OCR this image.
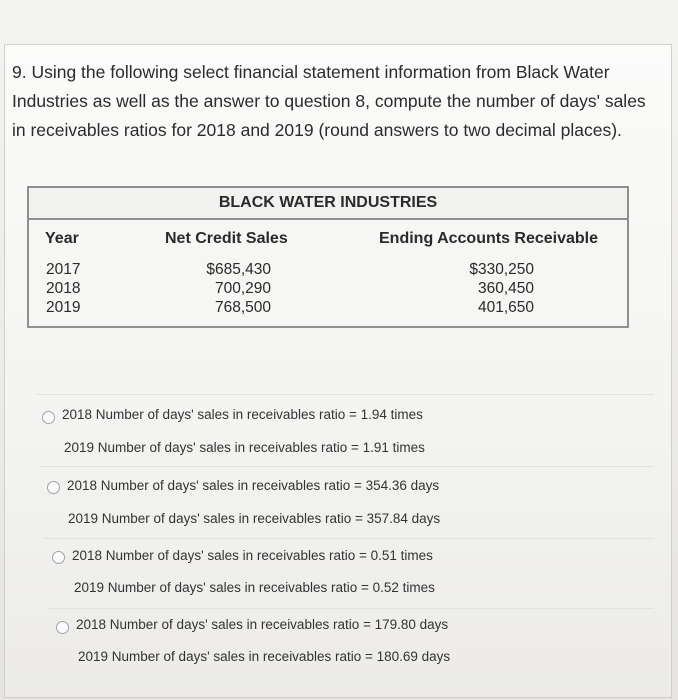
9. Using the following select financial statement information from Black Water Industries as well as the answer to question 8, compute the number of days' sales in receivables ratios for 2018 and 2019 (round answers to two decimal places).
BLACK WATER INDUSTRIES
Year	Net Credit Sales	Ending Accounts Receivable
2017
2018
2019
$685,430
700,290
768,500
$330,250
360,450
401,650
2018 Number of days' sales in receivables ratio = 1.94 times
2019 Number of days' sales in receivables ratio = 1.91 times
2018 Number of days' sales in receivables ratio = 354.36 days
2019 Number of days' sales in receivables ratio = 357.84 days
2018 Number of days' sales in receivables ratio = 0.51 times
2019 Number of days' sales in receivables ratio = 0.52 times
2018 Number of days' sales in receivables ratio = 179.80 days
2019 Number of days' sales in receivables ratio = 180.69 days
